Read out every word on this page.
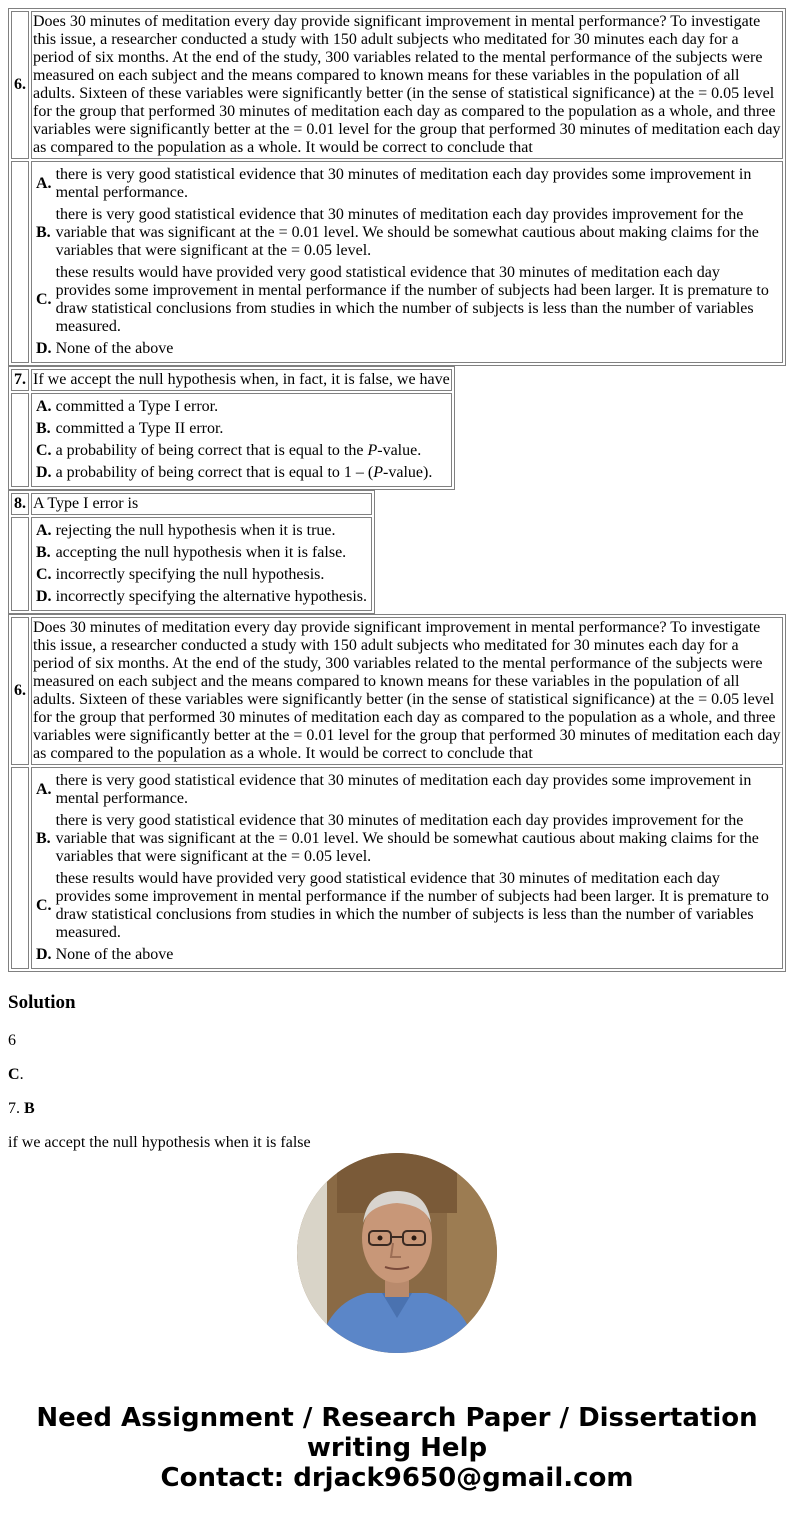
6.	Does 30 minutes of meditation every day provide significant improvement in mental performance? To investigate this issue, a researcher conducted a study with 150 adult subjects who meditated for 30 minutes each day for a period of six months. At the end of the study, 300 variables related to the mental performance of the subjects were measured on each subject and the means compared to known means for these variables in the population of all adults. Sixteen of these variables were significantly better (in the sense of statistical significance) at the = 0.05 level for the group that performed 30 minutes of meditation each day as compared to the population as a whole, and three variables were significantly better at the = 0.01 level for the group that performed 30 minutes of meditation each day as compared to the population as a whole. It would be correct to conclude that

A.	there is very good statistical evidence that 30 minutes of meditation each day provides some improvement in mental performance.
B.	there is very good statistical evidence that 30 minutes of meditation each day provides improvement for the variable that was significant at the = 0.01 level. We should be somewhat cautious about making claims for the variables that were significant at the = 0.05 level.
C.	these results would have provided very good statistical evidence that 30 minutes of meditation each day provides some improvement in mental performance if the number of subjects had been larger. It is premature to draw statistical conclusions from studies in which the number of subjects is less than the number of variables measured.
D.	None of the above
7.	If we accept the null hypothesis when, in fact, it is false, we have

A.	committed a Type I error.
B.	committed a Type II error.
C.	a probability of being correct that is equal to the P-value.
D.	a probability of being correct that is equal to 1 – (P-value).
8.	A Type I error is

A.	rejecting the null hypothesis when it is true.
B.	accepting the null hypothesis when it is false.
C.	incorrectly specifying the null hypothesis.
D.	incorrectly specifying the alternative hypothesis.
6.	Does 30 minutes of meditation every day provide significant improvement in mental performance? To investigate this issue, a researcher conducted a study with 150 adult subjects who meditated for 30 minutes each day for a period of six months. At the end of the study, 300 variables related to the mental performance of the subjects were measured on each subject and the means compared to known means for these variables in the population of all adults. Sixteen of these variables were significantly better (in the sense of statistical significance) at the = 0.05 level for the group that performed 30 minutes of meditation each day as compared to the population as a whole, and three variables were significantly better at the = 0.01 level for the group that performed 30 minutes of meditation each day as compared to the population as a whole. It would be correct to conclude that

A.	there is very good statistical evidence that 30 minutes of meditation each day provides some improvement in mental performance.
B.	there is very good statistical evidence that 30 minutes of meditation each day provides improvement for the variable that was significant at the = 0.01 level. We should be somewhat cautious about making claims for the variables that were significant at the = 0.05 level.
C.	these results would have provided very good statistical evidence that 30 minutes of meditation each day provides some improvement in mental performance if the number of subjects had been larger. It is premature to draw statistical conclusions from studies in which the number of subjects is less than the number of variables measured.
D.	None of the above
Solution

6

C.

7. B

if we accept the null hypothesis when it is false

Need Assignment / Research Paper / Dissertation writing Help
Contact: drjack9650@gmail.com
